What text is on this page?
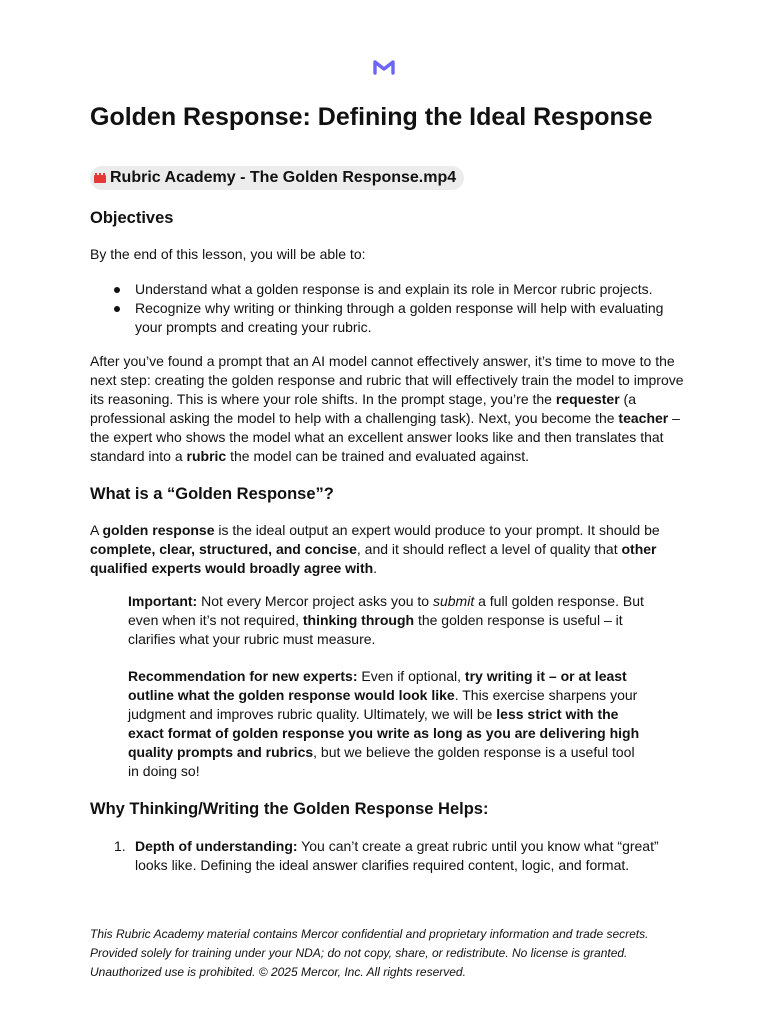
Golden Response: Defining the Ideal Response
Rubric Academy - The Golden Response.mp4
Objectives

By the end of this lesson, you will be able to:

Understand what a golden response is and explain its role in Mercor rubric projects.
Recognize why writing or thinking through a golden response will help with evaluating your prompts and creating your rubric.

After you’ve found a prompt that an AI model cannot effectively answer, it’s time to move to the next step: creating the golden response and rubric that will effectively train the model to improve its reasoning. This is where your role shifts. In the prompt stage, you’re the requester (a professional asking the model to help with a challenging task). Next, you become the teacher – the expert who shows the model what an excellent answer looks like and then translates that standard into a rubric the model can be trained and evaluated against.

What is a “Golden Response”?

A golden response is the ideal output an expert would produce to your prompt. It should be complete, clear, structured, and concise, and it should reflect a level of quality that other qualified experts would broadly agree with.

Important: Not every Mercor project asks you to submit a full golden response. But even when it’s not required, thinking through the golden response is useful – it clarifies what your rubric must measure.

Recommendation for new experts: Even if optional, try writing it – or at least outline what the golden response would look like. This exercise sharpens your judgment and improves rubric quality. Ultimately, we will be less strict with the exact format of golden response you write as long as you are delivering high quality prompts and rubrics, but we believe the golden response is a useful tool in doing so!

Why Thinking/Writing the Golden Response Helps:
1. Depth of understanding: You can’t create a great rubric until you know what “great” looks like. Defining the ideal answer clarifies required content, logic, and format.

This Rubric Academy material contains Mercor confidential and proprietary information and trade secrets. Provided solely for training under your NDA; do not copy, share, or redistribute. No license is granted. Unauthorized use is prohibited. © 2025 Mercor, Inc. All rights reserved.
